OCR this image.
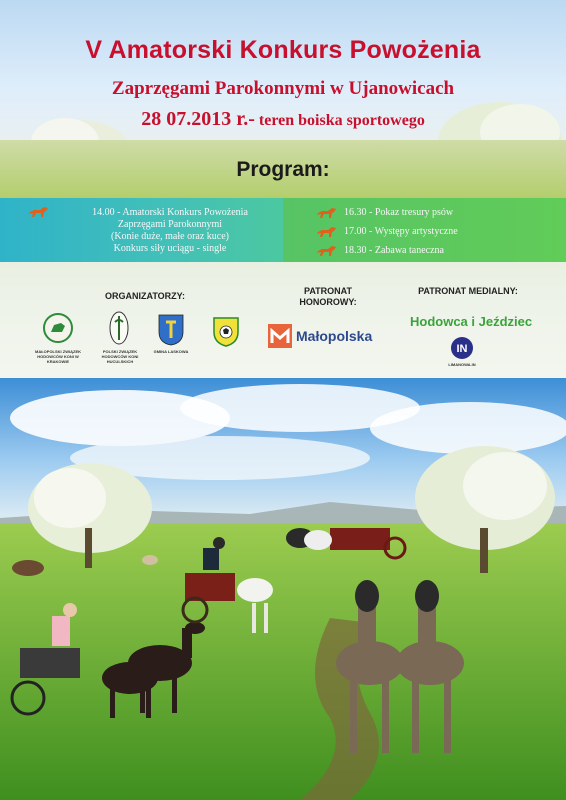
V Amatorski Konkurs Powożenia
Zaprzęgami Parokonnymi w Ujanowicach
28 07.2013 r.- teren boiska sportowego
Program:
14.00 - Amatorski Konkurs Powożenia
Zaprzęgami Parokonnymi
(Konie duże, małe oraz kuce)
Konkurs siły uciągu - single
16.30 - Pokaz tresury psów
17.00 - Występy artystyczne
18.30 - Zabawa taneczna
ORGANIZATORZY:
MAŁOPOLSKI ZWIĄZEK HODOWCÓW KONI W KRAKOWIE
POLSKI ZWIĄZEK HODOWCÓW KONI HUCULSKICH
GMINA LASKOWA
PATRONAT HONOROWY:
Małopolska
PATRONAT MEDIALNY:
Hodowca i Jeździec
IN
LIMANOWA.IN
